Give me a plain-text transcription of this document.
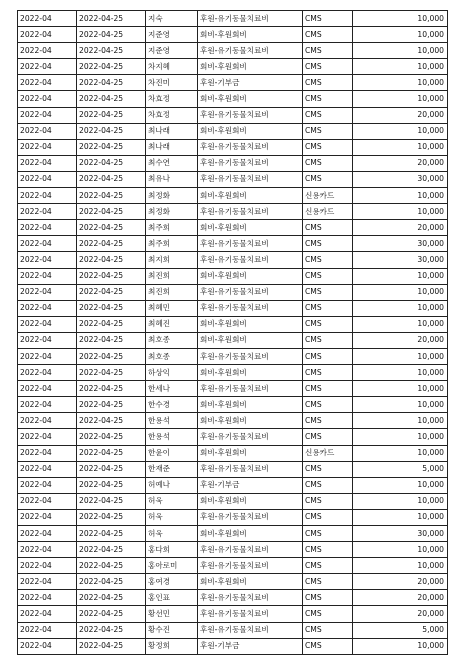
2022-04	2022-04-25	지숙	후원-유기동물치료비	CMS	10,000
2022-04	2022-04-25	지준영	회비-후원회비	CMS	10,000
2022-04	2022-04-25	지준영	후원-유기동물치료비	CMS	10,000
2022-04	2022-04-25	차지혜	회비-후원회비	CMS	10,000
2022-04	2022-04-25	차진미	후원-기부금	CMS	10,000
2022-04	2022-04-25	차효정	회비-후원회비	CMS	10,000
2022-04	2022-04-25	차효정	후원-유기동물치료비	CMS	20,000
2022-04	2022-04-25	최나래	회비-후원회비	CMS	10,000
2022-04	2022-04-25	최나래	후원-유기동물치료비	CMS	10,000
2022-04	2022-04-25	최수연	후원-유기동물치료비	CMS	20,000
2022-04	2022-04-25	최유나	후원-유기동물치료비	CMS	30,000
2022-04	2022-04-25	최정화	회비-후원회비	신용카드	10,000
2022-04	2022-04-25	최정화	후원-유기동물치료비	신용카드	10,000
2022-04	2022-04-25	최주희	회비-후원회비	CMS	20,000
2022-04	2022-04-25	최주희	후원-유기동물치료비	CMS	30,000
2022-04	2022-04-25	최지희	후원-유기동물치료비	CMS	30,000
2022-04	2022-04-25	최진희	회비-후원회비	CMS	10,000
2022-04	2022-04-25	최진희	후원-유기동물치료비	CMS	10,000
2022-04	2022-04-25	최혜민	후원-유기동물치료비	CMS	10,000
2022-04	2022-04-25	최혜진	회비-후원회비	CMS	10,000
2022-04	2022-04-25	최호종	회비-후원회비	CMS	20,000
2022-04	2022-04-25	최호종	후원-유기동물치료비	CMS	10,000
2022-04	2022-04-25	하상익	회비-후원회비	CMS	10,000
2022-04	2022-04-25	한세나	후원-유기동물치료비	CMS	10,000
2022-04	2022-04-25	한수경	회비-후원회비	CMS	10,000
2022-04	2022-04-25	한용석	회비-후원회비	CMS	10,000
2022-04	2022-04-25	한용석	후원-유기동물치료비	CMS	10,000
2022-04	2022-04-25	한윤이	회비-후원회비	신용카드	10,000
2022-04	2022-04-25	한재준	후원-유기동물치료비	CMS	5,000
2022-04	2022-04-25	허예나	후원-기부금	CMS	10,000
2022-04	2022-04-25	허욱	회비-후원회비	CMS	10,000
2022-04	2022-04-25	허욱	후원-유기동물치료비	CMS	10,000
2022-04	2022-04-25	허욱	회비-후원회비	CMS	30,000
2022-04	2022-04-25	홍다희	후원-유기동물치료비	CMS	10,000
2022-04	2022-04-25	홍아로미	후원-유기동물치료비	CMS	10,000
2022-04	2022-04-25	홍여경	회비-후원회비	CMS	20,000
2022-04	2022-04-25	홍인표	후원-유기동물치료비	CMS	20,000
2022-04	2022-04-25	황선민	후원-유기동물치료비	CMS	20,000
2022-04	2022-04-25	황수진	후원-유기동물치료비	CMS	5,000
2022-04	2022-04-25	황정희	후원-기부금	CMS	10,000
